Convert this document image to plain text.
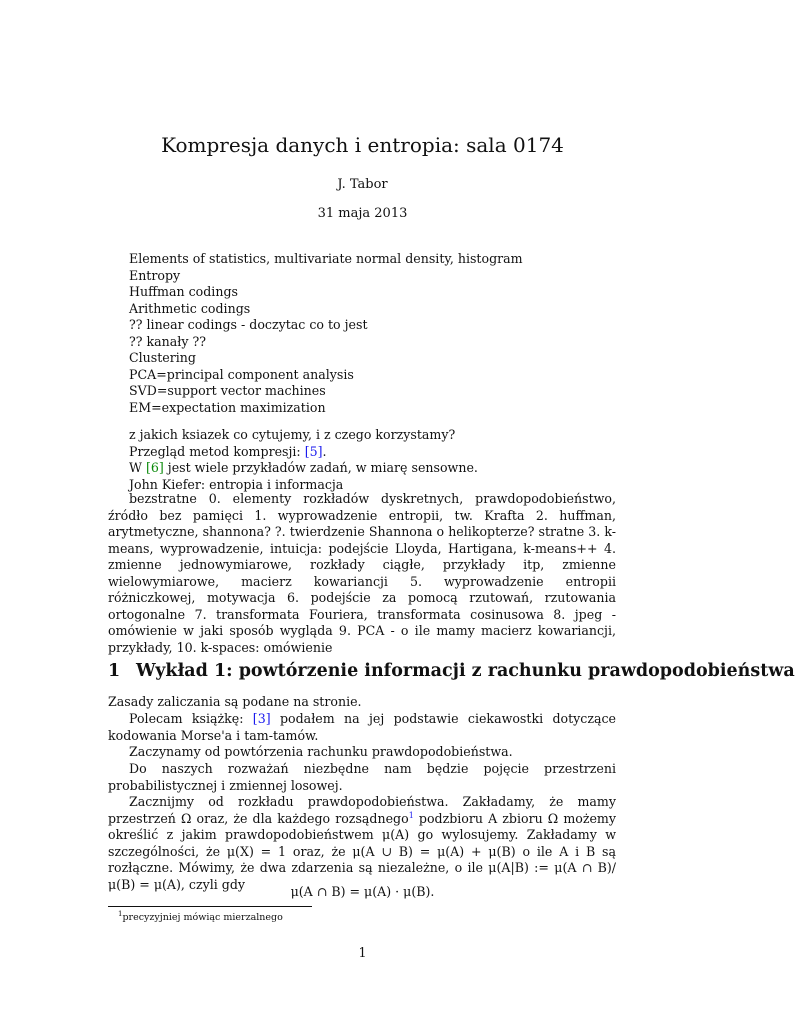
Kompresja danych i entropia: sala 0174
J. Tabor
31 maja 2013
Elements of statistics, multivariate normal density, histogram
Entropy
Huffman codings
Arithmetic codings
?? linear codings - doczytac co to jest
?? kanały ??
Clustering
PCA=principal component analysis
SVD=support vector machines
EM=expectation maximization
z jakich ksiazek co cytujemy, i z czego korzystamy?
Przegląd metod kompresji: [5].
W [6] jest wiele przykładów zadań, w miarę sensowne.
John Kiefer: entropia i informacja
bezstratne 0. elementy rozkładów dyskretnych, prawdopodobieństwo, źródło bez pamięci 1. wyprowadzenie entropii, tw. Krafta 2. huffman, arytmetyczne, shannona? ?. twierdzenie Shannona o helikopterze? stratne 3. k-means, wyprowadzenie, intuicja: podejście Lloyda, Hartigana, k-means++ 4. zmienne jednowymiarowe, rozkłady ciągłe, przykłady itp, zmienne wielowymiarowe, macierz kowariancji 5. wyprowadzenie entropii różniczkowej, motywacja 6. podejście za pomocą rzutowań, rzutowania ortogonalne 7. transformata Fouriera, transformata cosinusowa 8. jpeg - omówienie w jaki sposób wygląda 9. PCA - o ile mamy macierz kowariancji, przykłady, 10. k-spaces: omówienie
1 Wykład 1: powtórzenie informacji z rachunku prawdopodobieństwa
Zasady zaliczania są podane na stronie.
Polecam książkę: [3] podałem na jej podstawie ciekawostki dotyczące kodowania Morse'a i tam-tamów.
Zaczynamy od powtórzenia rachunku prawdopodobieństwa.
Do naszych rozważań niezbędne nam będzie pojęcie przestrzeni probabilistycznej i zmiennej losowej.
Zacznijmy od rozkładu prawdopodobieństwa. Zakładamy, że mamy przestrzeń Ω oraz, że dla każdego rozsądnego$^1$ podzbioru A zbioru Ω możemy określić z jakim prawdopodobieństwem μ(A) go wylosujemy. Zakładamy w szczególności, że μ(X) = 1 oraz, że μ(A ∪ B) = μ(A) + μ(B) o ile A i B są rozłączne. Mówimy, że dwa zdarzenia są niezależne, o ile μ(A|B) := μ(A ∩ B)/μ(B) = μ(A), czyli gdy	μ(A ∩ B) = μ(A) · μ(B).
$^1$precyzyjniej mówiąc mierzalnego
1
